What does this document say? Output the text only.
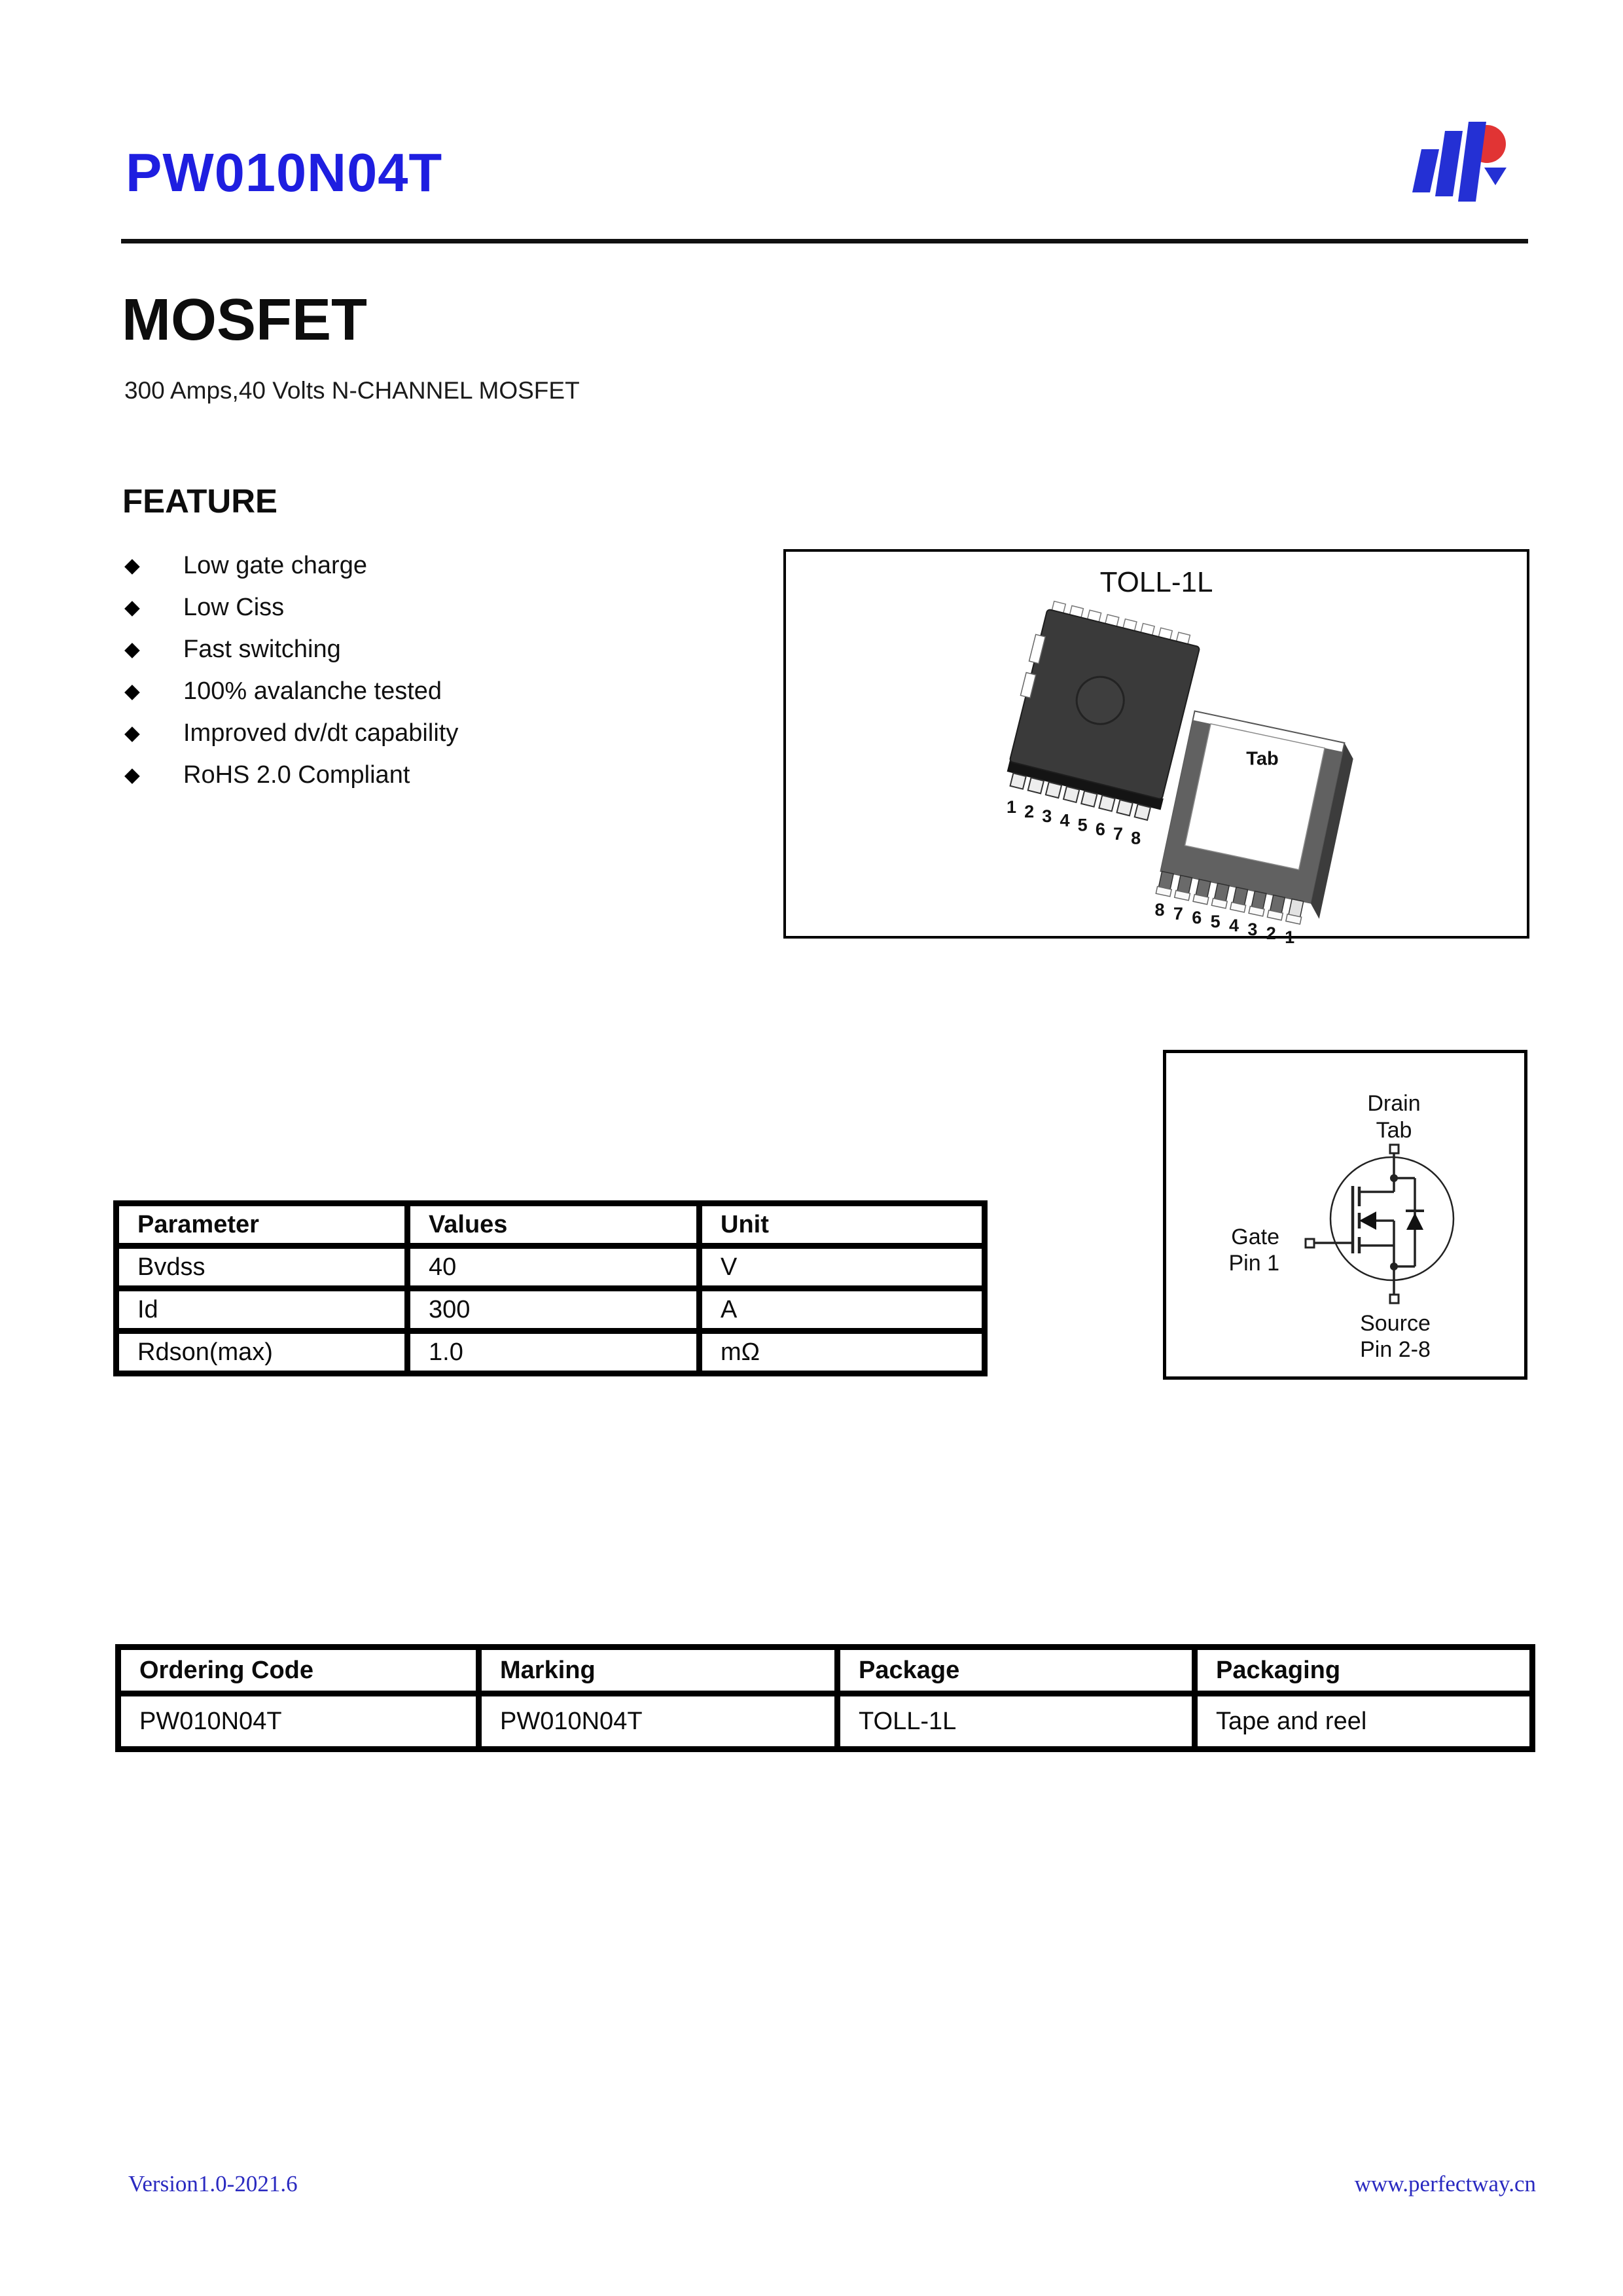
PW010N04T
MOSFET
300 Amps,40 Volts N-CHANNEL MOSFET
FEATURE
◆	Low gate charge
◆	Low Ciss
◆	Fast switching
◆	100% avalanche tested
◆	Improved dv/dt capability
◆	RoHS 2.0 Compliant
TOLL-1L
1 2 3 4 5 6 7 8
Tab
8 7 6 5 4 3 2 1
Drain
Tab
Gate
Pin 1
Source
Pin 2-8
Parameter	Values	Unit
Bvdss	40	V
Id	300	A
Rdson(max)	1.0	mΩ
Ordering Code	Marking	Package	Packaging
PW010N04T	PW010N04T	TOLL-1L	Tape and reel
Version1.0-2021.6	www.perfectway.cn
